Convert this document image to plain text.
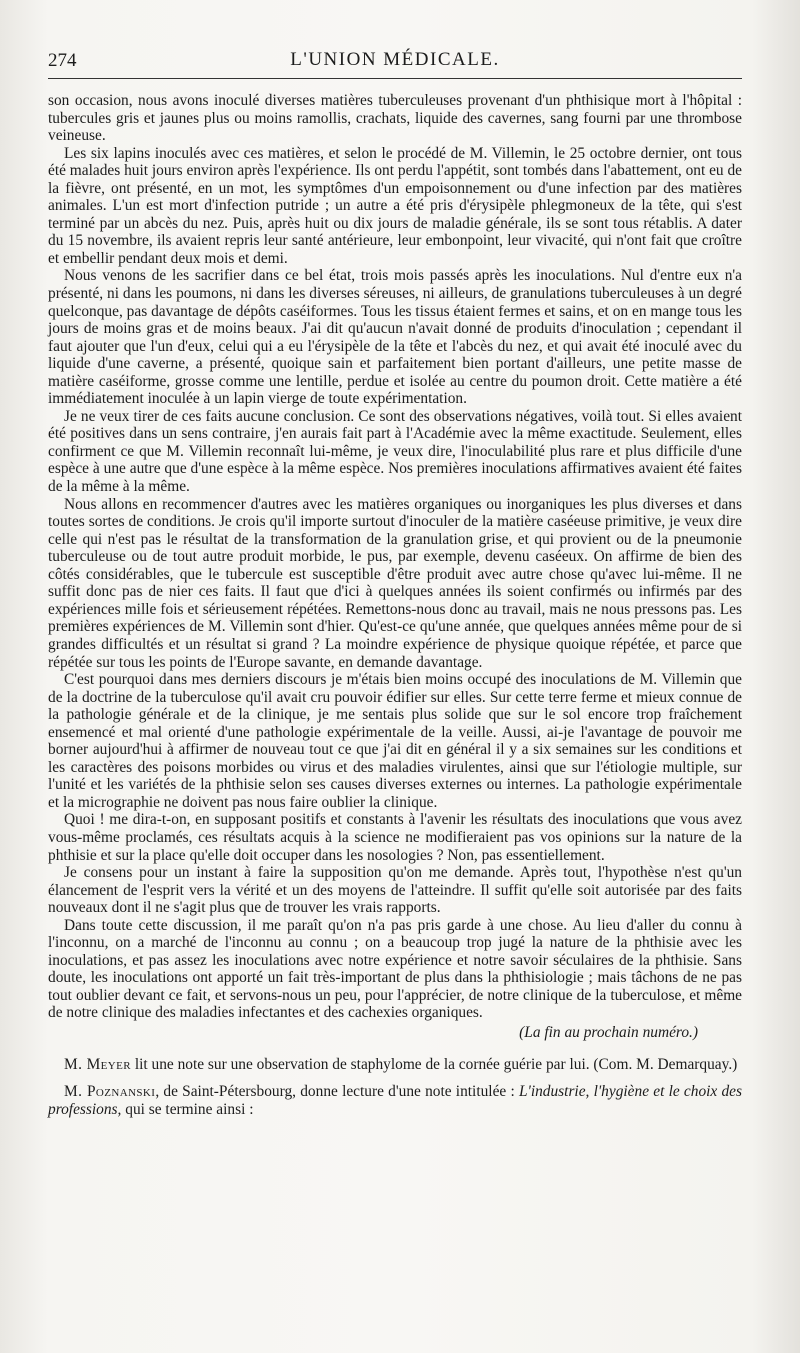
274	L'UNION MÉDICALE.

son occasion, nous avons inoculé diverses matières tuberculeuses provenant d'un phthisique mort à l'hôpital : tubercules gris et jaunes plus ou moins ramollis, crachats, liquide des cavernes, sang fourni par une thrombose veineuse.

Les six lapins inoculés avec ces matières, et selon le procédé de M. Villemin, le 25 octobre dernier, ont tous été malades huit jours environ après l'expérience. Ils ont perdu l'appétit, sont tombés dans l'abattement, ont eu de la fièvre, ont présenté, en un mot, les symptômes d'un empoisonnement ou d'une infection par des matières animales. L'un est mort d'infection putride ; un autre a été pris d'érysipèle phlegmoneux de la tête, qui s'est terminé par un abcès du nez. Puis, après huit ou dix jours de maladie générale, ils se sont tous rétablis. A dater du 15 novembre, ils avaient repris leur santé antérieure, leur embonpoint, leur vivacité, qui n'ont fait que croître et embellir pendant deux mois et demi.

Nous venons de les sacrifier dans ce bel état, trois mois passés après les inoculations. Nul d'entre eux n'a présenté, ni dans les poumons, ni dans les diverses séreuses, ni ailleurs, de granulations tuberculeuses à un degré quelconque, pas davantage de dépôts caséiformes. Tous les tissus étaient fermes et sains, et on en mange tous les jours de moins gras et de moins beaux. J'ai dit qu'aucun n'avait donné de produits d'inoculation ; cependant il faut ajouter que l'un d'eux, celui qui a eu l'érysipèle de la tête et l'abcès du nez, et qui avait été inoculé avec du liquide d'une caverne, a présenté, quoique sain et parfaitement bien portant d'ailleurs, une petite masse de matière caséiforme, grosse comme une lentille, perdue et isolée au centre du poumon droit. Cette matière a été immédiatement inoculée à un lapin vierge de toute expérimentation.

Je ne veux tirer de ces faits aucune conclusion. Ce sont des observations négatives, voilà tout. Si elles avaient été positives dans un sens contraire, j'en aurais fait part à l'Académie avec la même exactitude. Seulement, elles confirment ce que M. Villemin reconnaît lui-même, je veux dire, l'inoculabilité plus rare et plus difficile d'une espèce à une autre que d'une espèce à la même espèce. Nos premières inoculations affirmatives avaient été faites de la même à la même.

Nous allons en recommencer d'autres avec les matières organiques ou inorganiques les plus diverses et dans toutes sortes de conditions. Je crois qu'il importe surtout d'inoculer de la matière caséeuse primitive, je veux dire celle qui n'est pas le résultat de la transformation de la granulation grise, et qui provient ou de la pneumonie tuberculeuse ou de tout autre produit morbide, le pus, par exemple, devenu caséeux. On affirme de bien des côtés considérables, que le tubercule est susceptible d'être produit avec autre chose qu'avec lui-même. Il ne suffit donc pas de nier ces faits. Il faut que d'ici à quelques années ils soient confirmés ou infirmés par des expériences mille fois et sérieusement répétées. Remettons-nous donc au travail, mais ne nous pressons pas. Les premières expériences de M. Villemin sont d'hier. Qu'est-ce qu'une année, que quelques années même pour de si grandes difficultés et un résultat si grand ? La moindre expérience de physique quoique répétée, et parce que répétée sur tous les points de l'Europe savante, en demande davantage.

C'est pourquoi dans mes derniers discours je m'étais bien moins occupé des inoculations de M. Villemin que de la doctrine de la tuberculose qu'il avait cru pouvoir édifier sur elles. Sur cette terre ferme et mieux connue de la pathologie générale et de la clinique, je me sentais plus solide que sur le sol encore trop fraîchement ensemencé et mal orienté d'une pathologie expérimentale de la veille. Aussi, ai-je l'avantage de pouvoir me borner aujourd'hui à affirmer de nouveau tout ce que j'ai dit en général il y a six semaines sur les conditions et les caractères des poisons morbides ou virus et des maladies virulentes, ainsi que sur l'étiologie multiple, sur l'unité et les variétés de la phthisie selon ses causes diverses externes ou internes. La pathologie expérimentale et la micrographie ne doivent pas nous faire oublier la clinique.

Quoi ! me dira-t-on, en supposant positifs et constants à l'avenir les résultats des inoculations que vous avez vous-même proclamés, ces résultats acquis à la science ne modifieraient pas vos opinions sur la nature de la phthisie et sur la place qu'elle doit occuper dans les nosologies ? Non, pas essentiellement.

Je consens pour un instant à faire la supposition qu'on me demande. Après tout, l'hypothèse n'est qu'un élancement de l'esprit vers la vérité et un des moyens de l'atteindre. Il suffit qu'elle soit autorisée par des faits nouveaux dont il ne s'agit plus que de trouver les vrais rapports.

Dans toute cette discussion, il me paraît qu'on n'a pas pris garde à une chose. Au lieu d'aller du connu à l'inconnu, on a marché de l'inconnu au connu ; on a beaucoup trop jugé la nature de la phthisie avec les inoculations, et pas assez les inoculations avec notre expérience et notre savoir séculaires de la phthisie. Sans doute, les inoculations ont apporté un fait très-important de plus dans la phthisiologie ; mais tâchons de ne pas tout oublier devant ce fait, et servons-nous un peu, pour l'apprécier, de notre clinique de la tuberculose, et même de notre clinique des maladies infectantes et des cachexies organiques.

(La fin au prochain numéro.)

M. Meyer lit une note sur une observation de staphylome de la cornée guérie par lui. (Com. M. Demarquay.)

M. Poznanski, de Saint-Pétersbourg, donne lecture d'une note intitulée : L'industrie, l'hygiène et le choix des professions, qui se termine ainsi :
